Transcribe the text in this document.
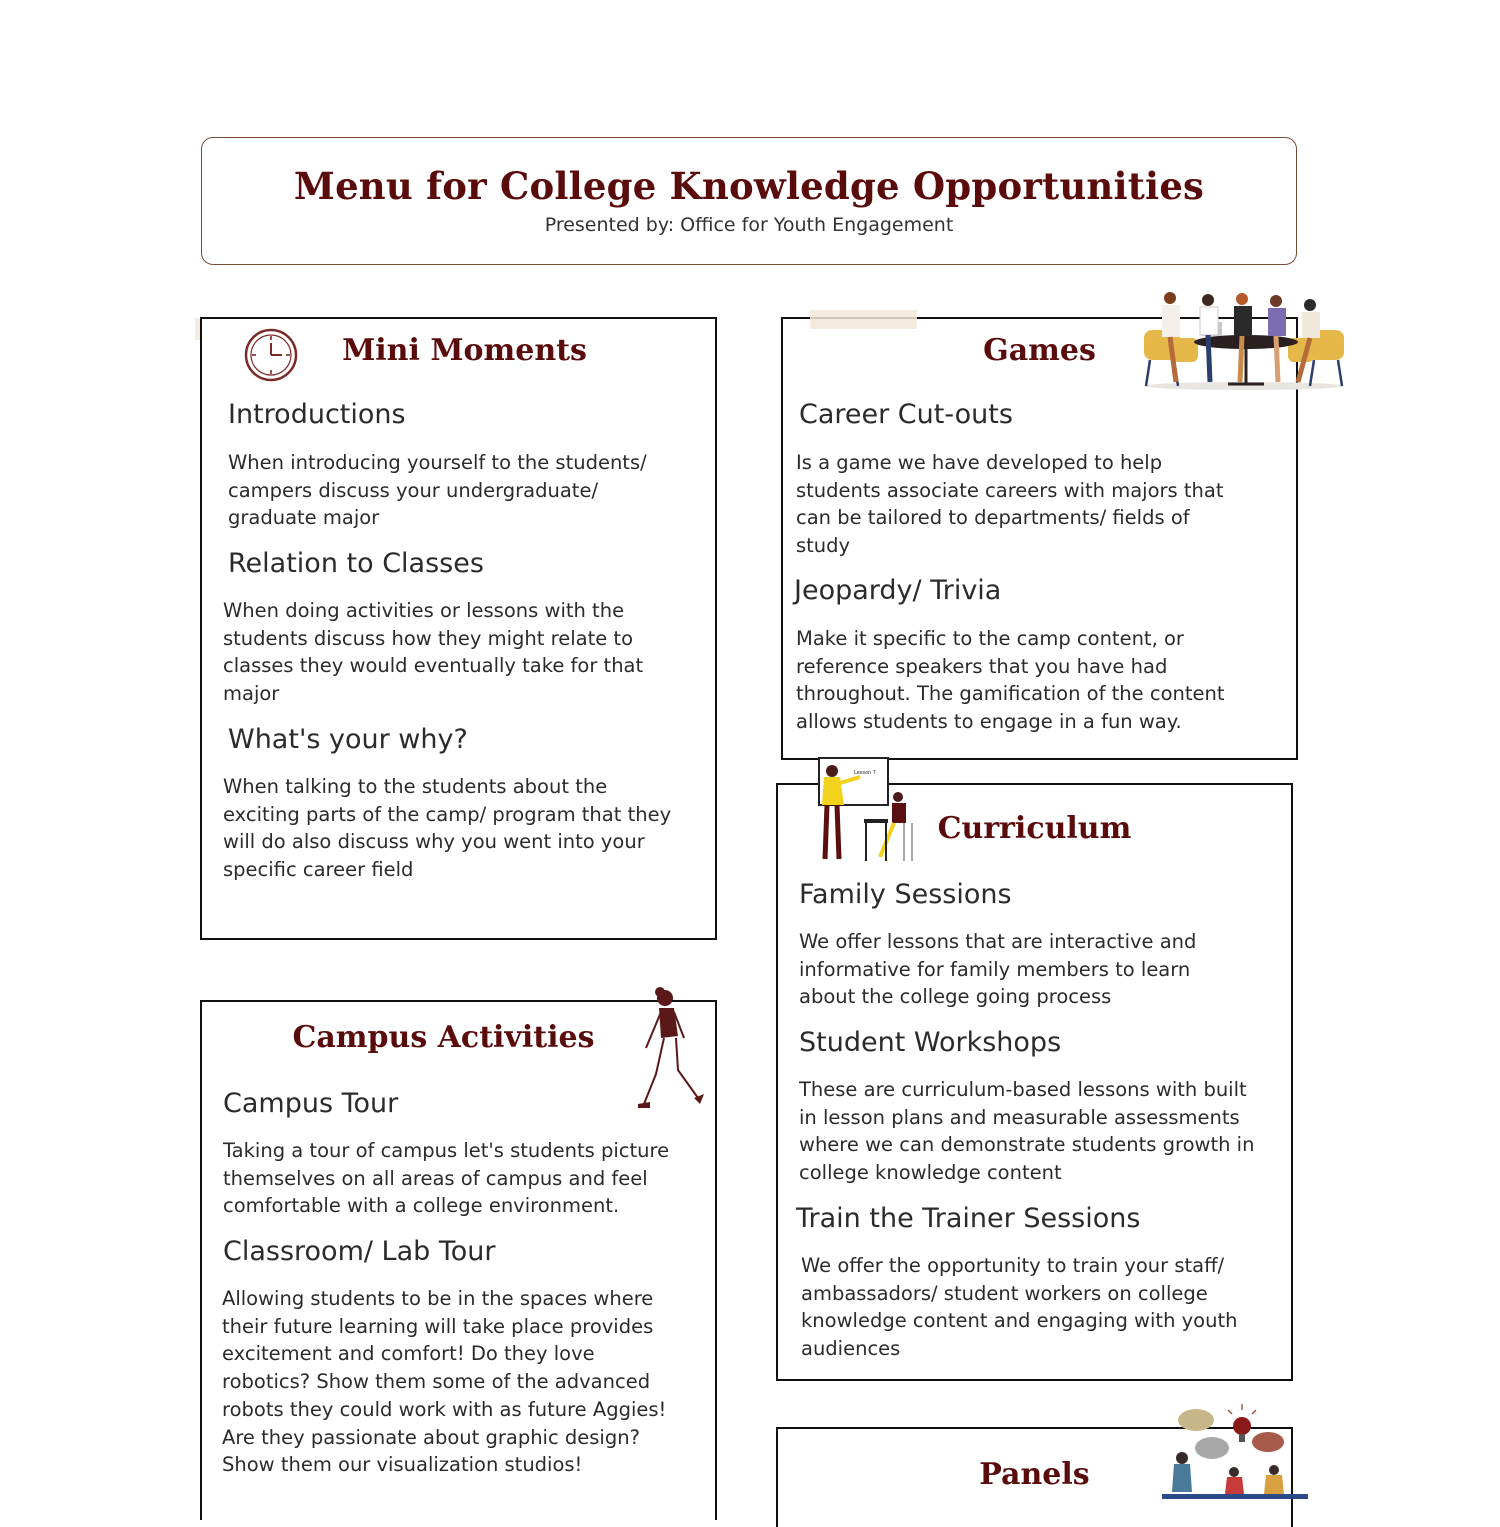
Menu for College Knowledge Opportunities
Presented by: Office for Youth Engagement
Mini Moments
Introductions

When introducing yourself to the students/ campers discuss your undergraduate/ graduate major

Relation to Classes

When doing activities or lessons with the students discuss how they might relate to classes they would eventually take for that major

What's your why?

When talking to the students about the exciting parts of the camp/ program that they will do also discuss why you went into your specific career field

Games
Career Cut-outs

Is a game we have developed to help students associate careers with majors that can be tailored to departments/ fields of study

Jeopardy/ Trivia

Make it specific to the camp content, or reference speakers that you have had throughout. The gamification of the content allows students to engage in a fun way.

Curriculum
Family Sessions

We offer lessons that are interactive and informative for family members to learn about the college going process

Student Workshops

These are curriculum-based lessons with built in lesson plans and measurable assessments where we can demonstrate students growth in college knowledge content

Train the Trainer Sessions

We offer the opportunity to train your staff/ ambassadors/ student workers on college knowledge content and engaging with youth audiences

Lesson 7
Campus Activities
Campus Tour

Taking a tour of campus let's students picture themselves on all areas of campus and feel comfortable with a college environment.

Classroom/ Lab Tour

Allowing students to be in the spaces where their future learning will take place provides excitement and comfort! Do they love robotics? Show them some of the advanced robots they could work with as future Aggies! Are they passionate about graphic design? Show them our visualization studios!	Panels
